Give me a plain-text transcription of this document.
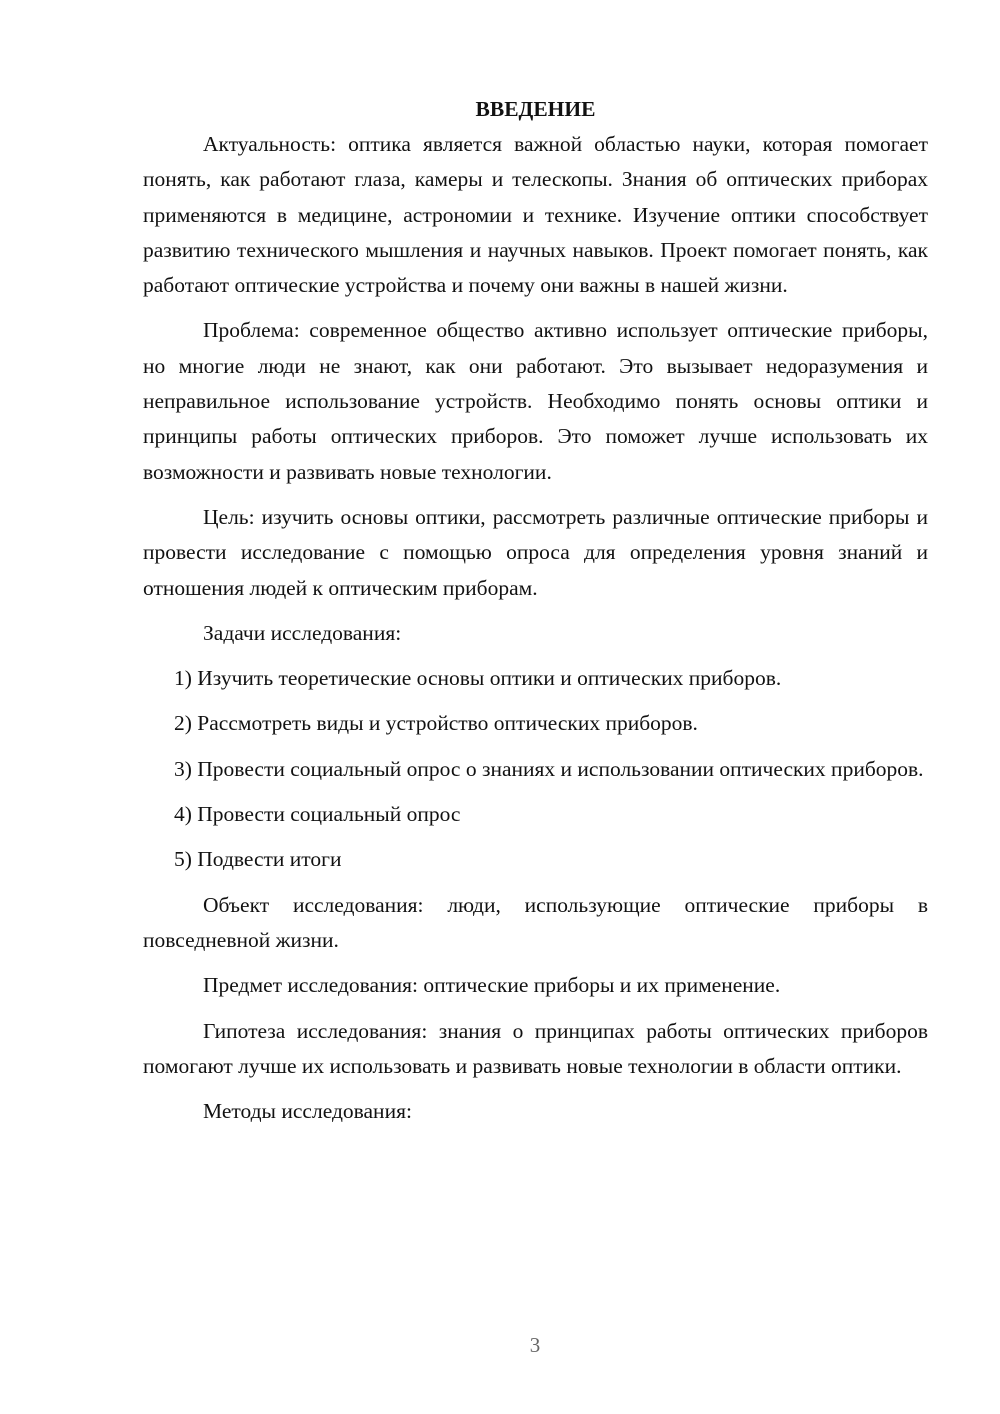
ВВЕДЕНИЕ

Актуальность: оптика является важной областью науки, которая помогает понять, как работают глаза, камеры и телескопы. Знания об оптических приборах применяются в медицине, астрономии и технике. Изучение оптики способствует развитию технического мышления и научных навыков. Проект помогает понять, как работают оптические устройства и почему они важны в нашей жизни.

Проблема: современное общество активно использует оптические приборы, но многие люди не знают, как они работают. Это вызывает недоразумения и неправильное использование устройств. Необходимо понять основы оптики и принципы работы оптических приборов. Это поможет лучше использовать их возможности и развивать новые технологии.

Цель: изучить основы оптики, рассмотреть различные оптические приборы и провести исследование с помощью опроса для определения уровня знаний и отношения людей к оптическим приборам.

Задачи исследования:

1) Изучить теоретические основы оптики и оптических приборов.

2) Рассмотреть виды и устройство оптических приборов.

3) Провести социальный опрос о знаниях и использовании оптических приборов.

4) Провести социальный опрос

5) Подвести итоги

Объект исследования: люди, использующие оптические приборы в повседневной жизни.

Предмет исследования: оптические приборы и их применение.

Гипотеза исследования: знания о принципах работы оптических приборов помогают лучше их использовать и развивать новые технологии в области оптики.

Методы исследования:

3
